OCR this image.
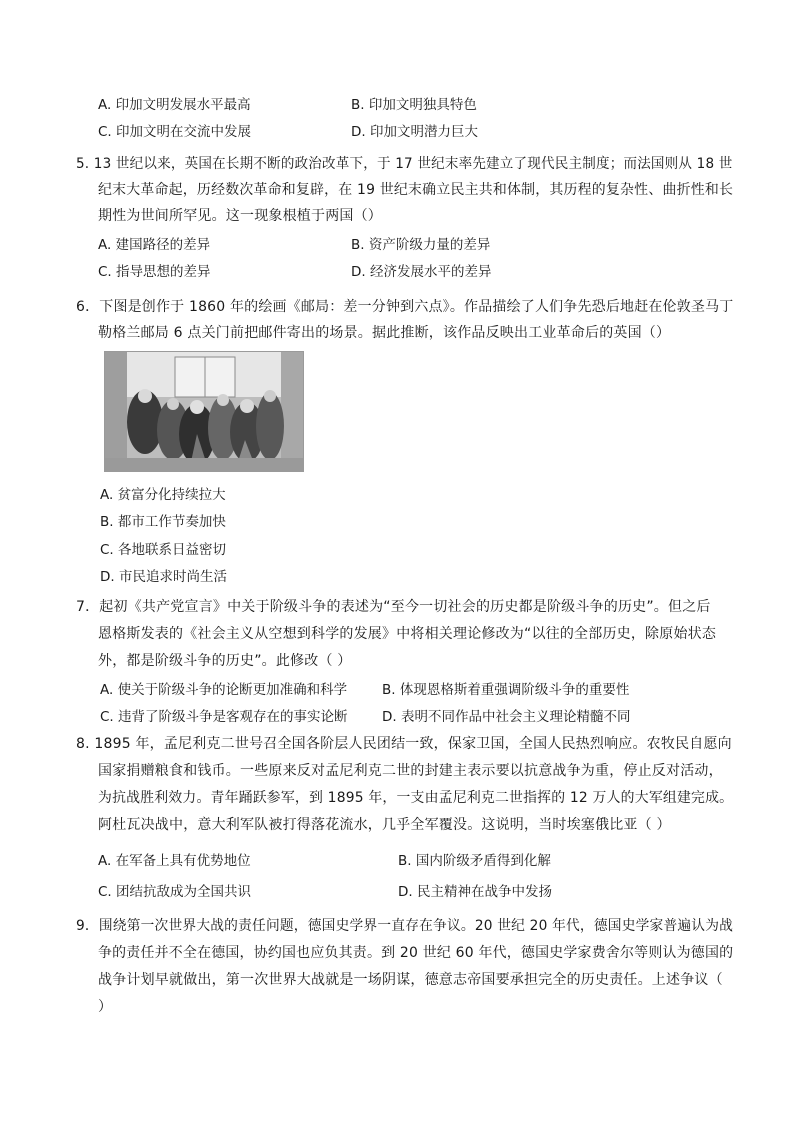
A. 印加文明发展水平最高	B. 印加文明独具特色
C. 印加文明在交流中发展	D. 印加文明潜力巨大
5. 13 世纪以来，英国在长期不断的政治改革下，于 17 世纪末率先建立了现代民主制度；而法国则从 18 世
纪末大革命起，历经数次革命和复辟，在 19 世纪末确立民主共和体制，其历程的复杂性、曲折性和长
期性为世间所罕见。这一现象根植于两国（）
A. 建国路径的差异	B. 资产阶级力量的差异
C. 指导思想的差异	D. 经济发展水平的差异
6．下图是创作于 1860 年的绘画《邮局：差一分钟到六点》。作品描绘了人们争先恐后地赶在伦敦圣马丁
勒格兰邮局 6 点关门前把邮件寄出的场景。据此推断，该作品反映出工业革命后的英国（）
A. 贫富分化持续拉大
B. 都市工作节奏加快
C. 各地联系日益密切
D. 市民追求时尚生活
7．起初《共产党宣言》中关于阶级斗争的表述为“至今一切社会的历史都是阶级斗争的历史”。但之后
恩格斯发表的《社会主义从空想到科学的发展》中将相关理论修改为“以往的全部历史，除原始状态
外，都是阶级斗争的历史”。此修改（ ）
A. 使关于阶级斗争的论断更加准确和科学	B. 体现恩格斯着重强调阶级斗争的重要性
C. 违背了阶级斗争是客观存在的事实论断	D. 表明不同作品中社会主义理论精髓不同
8. 1895 年，孟尼利克二世号召全国各阶层人民团结一致，保家卫国，全国人民热烈响应。农牧民自愿向
国家捐赠粮食和钱币。一些原来反对孟尼利克二世的封建主表示要以抗意战争为重，停止反对活动，
为抗战胜利效力。青年踊跃参军，到 1895 年，一支由孟尼利克二世指挥的 12 万人的大军组建完成。
阿杜瓦决战中，意大利军队被打得落花流水，几乎全军覆没。这说明，当时埃塞俄比亚（ ）
A. 在军备上具有优势地位	B. 国内阶级矛盾得到化解
C. 团结抗敌成为全国共识	D. 民主精神在战争中发扬
9．围绕第一次世界大战的责任问题，德国史学界一直存在争议。20 世纪 20 年代，德国史学家普遍认为战
争的责任并不全在德国，协约国也应负其责。到 20 世纪 60 年代，德国史学家费舍尔等则认为德国的
战争计划早就做出，第一次世界大战就是一场阴谋，德意志帝国要承担完全的历史责任。上述争议（
）
